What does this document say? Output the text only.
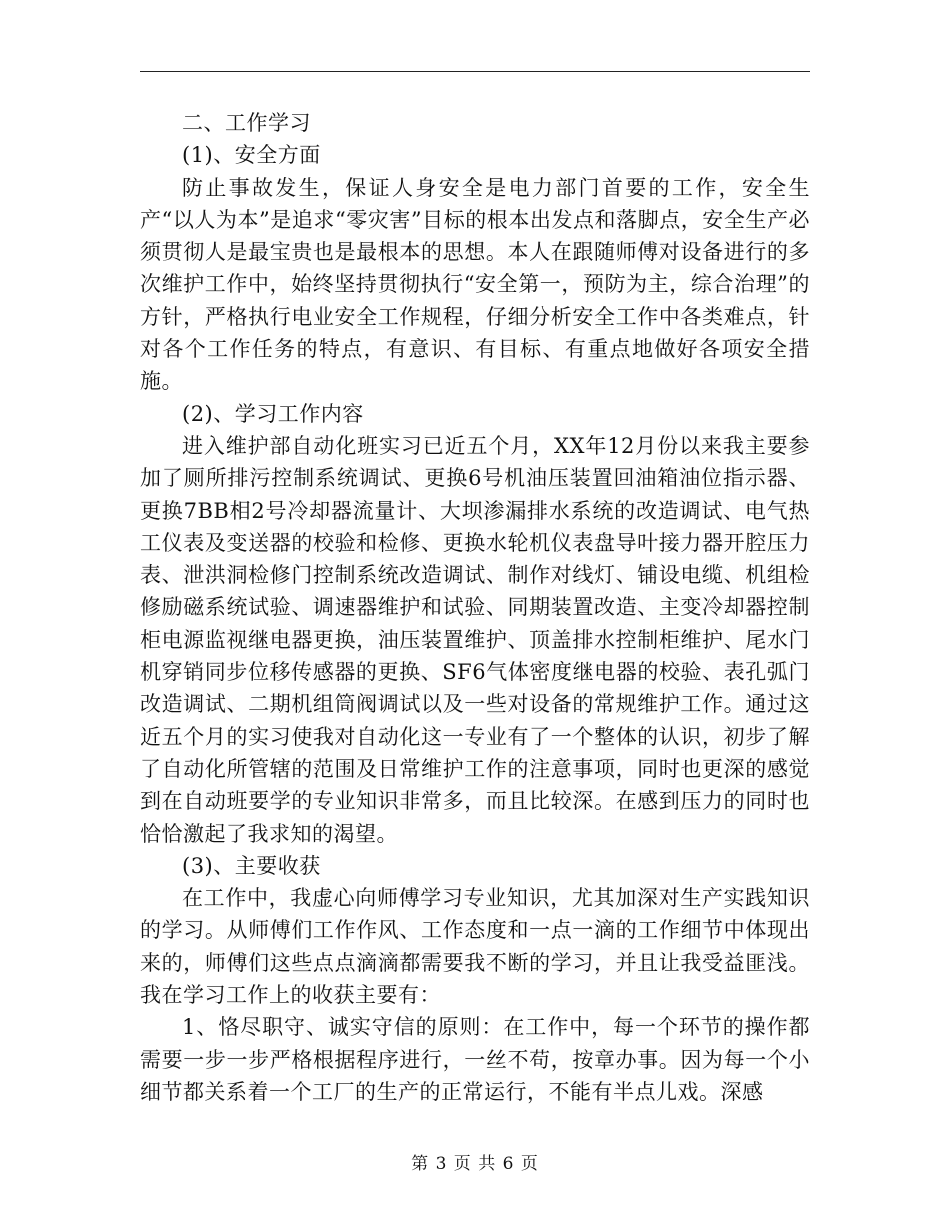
二、工作学习

(1)、安全方面

防止事故发生，保证人身安全是电力部门首要的工作，安全生产“以人为本”是追求“零灾害”目标的根本出发点和落脚点，安全生产必须贯彻人是最宝贵也是最根本的思想。本人在跟随师傅对设备进行的多次维护工作中，始终坚持贯彻执行“安全第一，预防为主，综合治理”的方针，严格执行电业安全工作规程，仔细分析安全工作中各类难点，针对各个工作任务的特点，有意识、有目标、有重点地做好各项安全措施。

(2)、学习工作内容

进入维护部自动化班实习已近五个月，XX年12月份以来我主要参加了厕所排污控制系统调试、更换6号机油压装置回油箱油位指示器、更换7BB相2号冷却器流量计、大坝渗漏排水系统的改造调试、电气热工仪表及变送器的校验和检修、更换水轮机仪表盘导叶接力器开腔压力表、泄洪洞检修门控制系统改造调试、制作对线灯、铺设电缆、机组检修励磁系统试验、调速器维护和试验、同期装置改造、主变冷却器控制柜电源监视继电器更换，油压装置维护、顶盖排水控制柜维护、尾水门机穿销同步位移传感器的更换、SF6气体密度继电器的校验、表孔弧门改造调试、二期机组筒阀调试以及一些对设备的常规维护工作。通过这近五个月的实习使我对自动化这一专业有了一个整体的认识，初步了解了自动化所管辖的范围及日常维护工作的注意事项，同时也更深的感觉到在自动班要学的专业知识非常多，而且比较深。在感到压力的同时也恰恰激起了我求知的渴望。

(3)、主要收获

在工作中，我虚心向师傅学习专业知识，尤其加深对生产实践知识的学习。从师傅们工作作风、工作态度和一点一滴的工作细节中体现出来的，师傅们这些点点滴滴都需要我不断的学习，并且让我受益匪浅。我在学习工作上的收获主要有：

1、恪尽职守、诚实守信的原则：在工作中，每一个环节的操作都需要一步一步严格根据程序进行，一丝不苟，按章办事。因为每一个小细节都关系着一个工厂的生产的正常运行，不能有半点儿戏。深感

第 3 页 共 6 页
